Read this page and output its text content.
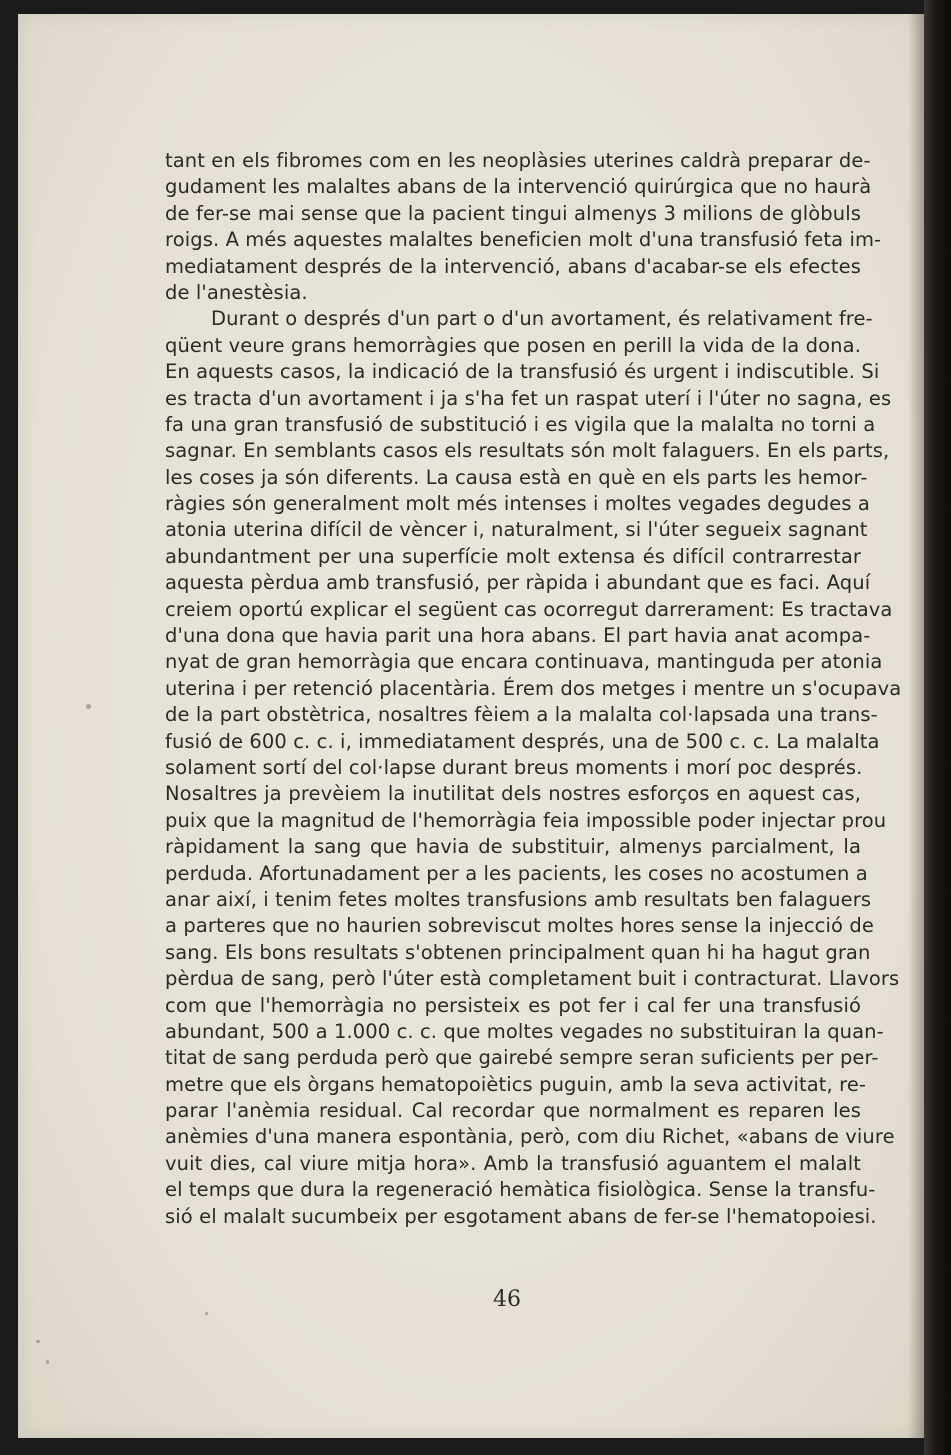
tant en els fibromes com en les neoplàsies uterines caldrà preparar de-
gudament les malaltes abans de la intervenció quirúrgica que no haurà
de fer-se mai sense que la pacient tingui almenys 3 milions de glòbuls
roigs. A més aquestes malaltes beneficien molt d'una transfusió feta im-
mediatament després de la intervenció, abans d'acabar-se els efectes
de l'anestèsia.
Durant o després d'un part o d'un avortament, és relativament fre-
qüent veure grans hemorràgies que posen en perill la vida de la dona.
En aquests casos, la indicació de la transfusió és urgent i indiscutible. Si
es tracta d'un avortament i ja s'ha fet un raspat uterí i l'úter no sagna, es
fa una gran transfusió de substitució i es vigila que la malalta no torni a
sagnar. En semblants casos els resultats són molt falaguers. En els parts,
les coses ja són diferents. La causa està en què en els parts les hemor-
ràgies són generalment molt més intenses i moltes vegades degudes a
atonia uterina difícil de vèncer i, naturalment, si l'úter segueix sagnant
abundantment per una superfície molt extensa és difícil contrarrestar
aquesta pèrdua amb transfusió, per ràpida i abundant que es faci. Aquí
creiem oportú explicar el següent cas ocorregut darrerament: Es tractava
d'una dona que havia parit una hora abans. El part havia anat acompa-
nyat de gran hemorràgia que encara continuava, mantinguda per atonia
uterina i per retenció placentària. Érem dos metges i mentre un s'ocupava
de la part obstètrica, nosaltres fèiem a la malalta col·lapsada una trans-
fusió de 600 c. c. i, immediatament després, una de 500 c. c. La malalta
solament sortí del col·lapse durant breus moments i morí poc després.
Nosaltres ja prevèiem la inutilitat dels nostres esforços en aquest cas,
puix que la magnitud de l'hemorràgia feia impossible poder injectar prou
ràpidament la sang que havia de substituir, almenys parcialment, la
perduda. Afortunadament per a les pacients, les coses no acostumen a
anar així, i tenim fetes moltes transfusions amb resultats ben falaguers
a parteres que no haurien sobreviscut moltes hores sense la injecció de
sang. Els bons resultats s'obtenen principalment quan hi ha hagut gran
pèrdua de sang, però l'úter està completament buit i contracturat. Llavors
com que l'hemorràgia no persisteix es pot fer i cal fer una transfusió
abundant, 500 a 1.000 c. c. que moltes vegades no substituiran la quan-
titat de sang perduda però que gairebé sempre seran suficients per per-
metre que els òrgans hematopoiètics puguin, amb la seva activitat, re-
parar l'anèmia residual. Cal recordar que normalment es reparen les
anèmies d'una manera espontània, però, com diu Richet, «abans de viure
vuit dies, cal viure mitja hora». Amb la transfusió aguantem el malalt
el temps que dura la regeneració hemàtica fisiològica. Sense la transfu-
sió el malalt sucumbeix per esgotament abans de fer-se l'hematopoiesi.
46
